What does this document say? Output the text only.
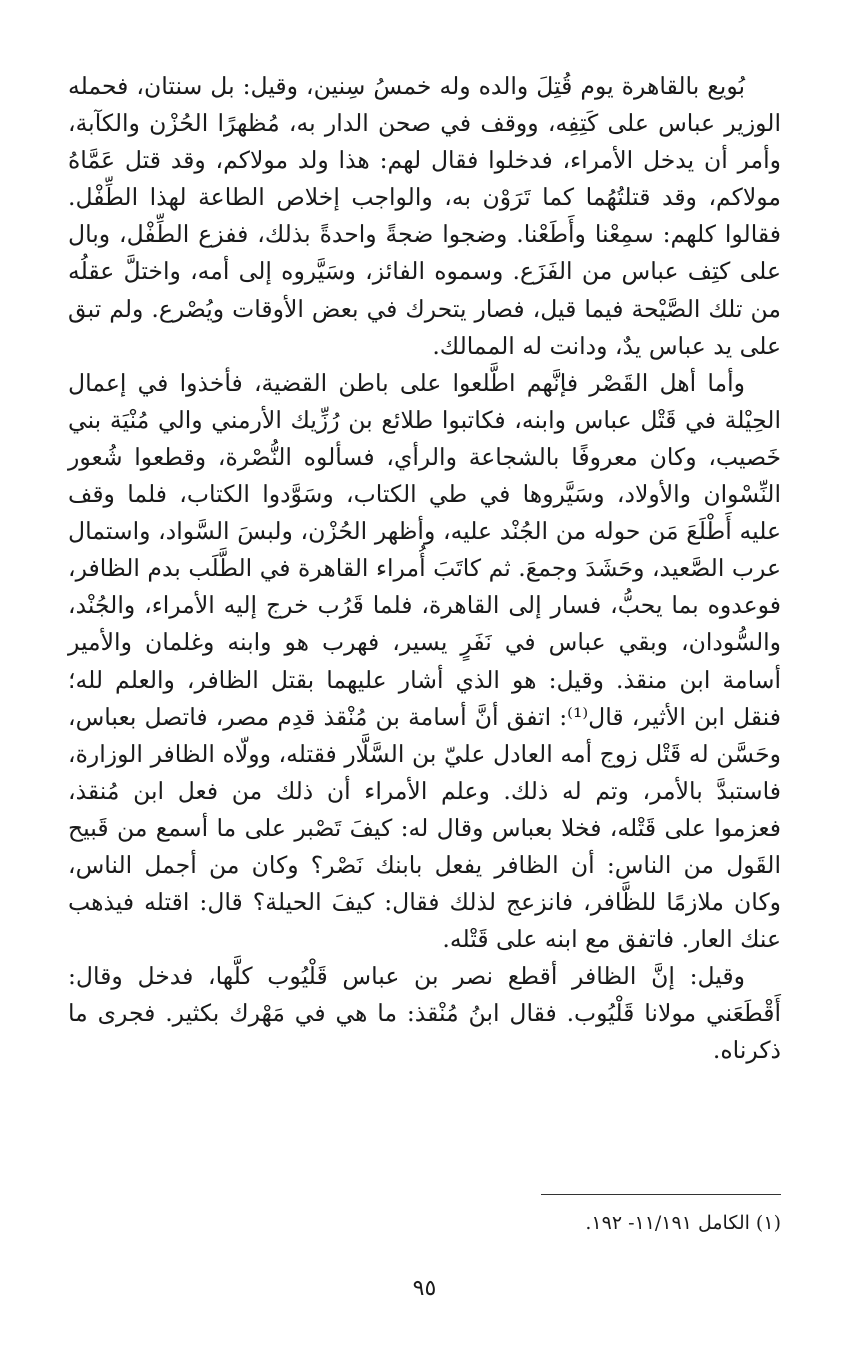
بُويع بالقاهرة يوم قُتِلَ والده وله خمسُ سِنين، وقيل: بل سنتان، فحمله الوزير عباس على كَتِفِه، ووقف في صحن الدار به، مُظهرًا الحُزْن والكآبة، وأمر أن يدخل الأمراء، فدخلوا فقال لهم: هذا ولد مولاكم، وقد قتل عَمَّاهُ مولاكم، وقد قتلتُهُما كما تَرَوْن به، والواجب إخلاص الطاعة لهذا الطِّفْل. فقالوا كلهم: سمِعْنا وأَطَعْنا. وضجوا ضجةً واحدةً بذلك، ففزع الطِّفْل، وبال على كتِف عباس من الفَزَع. وسموه الفائز، وسَيَّروه إلى أمه، واختلَّ عقلُه من تلك الصَّيْحة فيما قيل، فصار يتحرك في بعض الأوقات ويُصْرع. ولم تبق على يد عباس يدٌ، ودانت له الممالك.

وأما أهل القَصْر فإنَّهم اطَّلعوا على باطن القضية، فأخذوا في إعمال الحِيْلة في قَتْل عباس وابنه، فكاتبوا طلائع بن رُزِّيك الأرمني والي مُنْيَة بني خَصيب، وكان معروفًا بالشجاعة والرأي، فسألوه النُّصْرة، وقطعوا شُعور النِّسْوان والأولاد، وسَيَّروها في طي الكتاب، وسَوَّدوا الكتاب، فلما وقف عليه أَطْلَعَ مَن حوله من الجُنْد عليه، وأظهر الحُزْن، ولبسَ السَّواد، واستمال عرب الصَّعيد، وحَشَدَ وجمعَ. ثم كاتَبَ أُمراء القاهرة في الطَّلَب بدم الظافر، فوعدوه بما يحبُّ، فسار إلى القاهرة، فلما قَرُب خرج إليه الأمراء، والجُنْد، والسُّودان، وبقي عباس في نَفَرٍ يسير، فهرب هو وابنه وغلمان والأمير أسامة ابن منقذ. وقيل: هو الذي أشار عليهما بقتل الظافر، والعلم لله؛ فنقل ابن الأثير، قال⁽¹⁾: اتفق أنَّ أسامة بن مُنْقذ قدِم مصر، فاتصل بعباس، وحَسَّن له قَتْل زوج أمه العادل عليّ بن السَّلَّار فقتله، وولّاه الظافر الوزارة، فاستبدَّ بالأمر، وتم له ذلك. وعلم الأمراء أن ذلك من فعل ابن مُنقذ، فعزموا على قَتْله، فخلا بعباس وقال له: كيفَ تَصْبر على ما أسمع من قَبيح القَول من الناس: أن الظافر يفعل بابنك نَصْر؟ وكان من أجمل الناس، وكان ملازمًا للظَّافر، فانزعج لذلك فقال: كيفَ الحيلة؟ قال: اقتله فيذهب عنك العار. فاتفق مع ابنه على قَتْله.

وقيل: إنَّ الظافر أقطع نصر بن عباس قَلْيُوب كلَّها، فدخل وقال: أَقْطَعَني مولانا قَلْيُوب. فقال ابنُ مُنْقذ: ما هي في مَهْرك بكثير. فجرى ما ذكرناه.

(١) الكامل ١١/١٩١- ١٩٢.
٩٥
